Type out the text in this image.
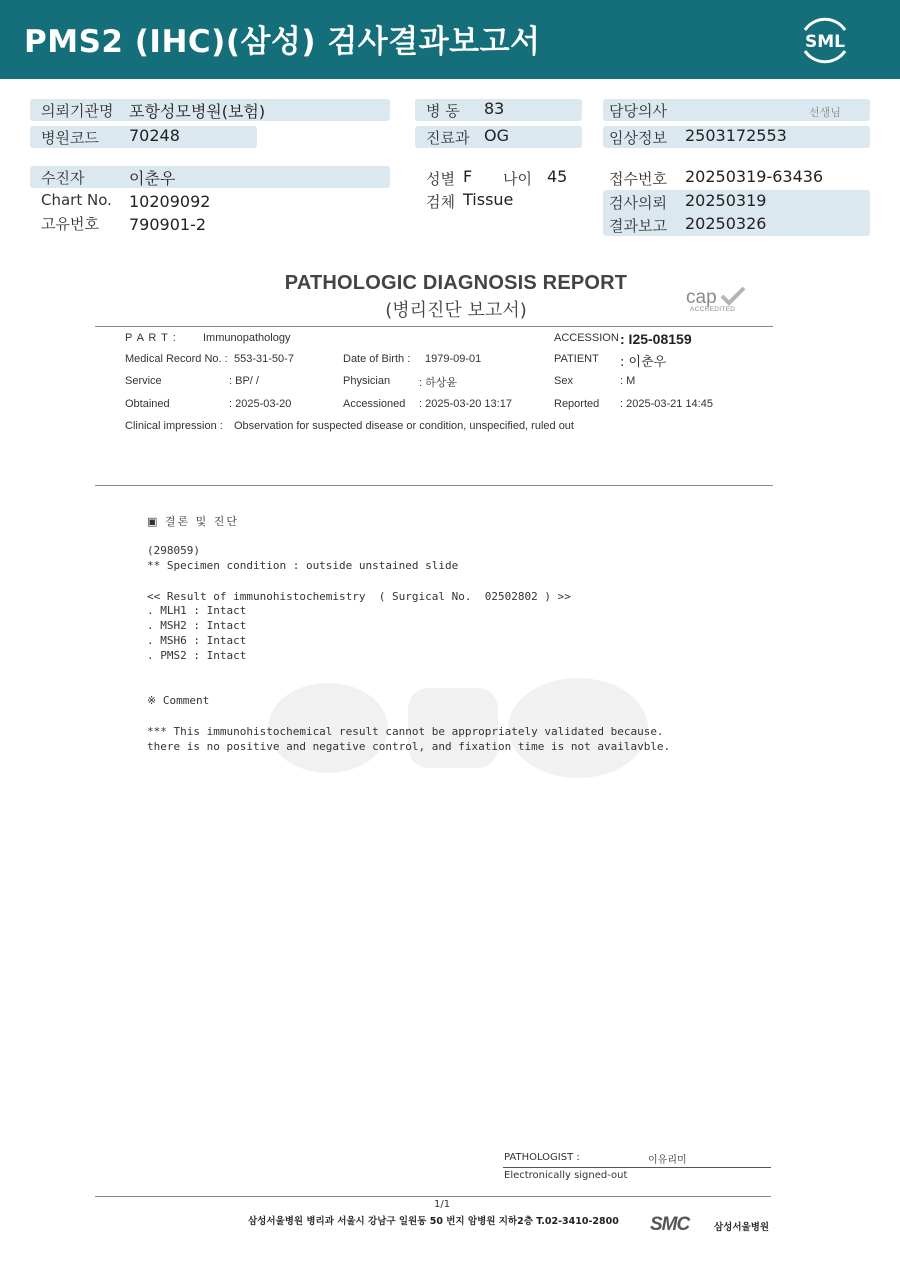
PMS2 (IHC)(삼성) 검사결과보고서	SML
의뢰기관명 포항성모병원(보험)
병원코드 70248
수진자	이춘우
Chart No. 10209092
고유번호 790901-2
병 동 83
진료과 OG
성별 F 나이 45
검체 Tissue
담당의사	선생님
임상정보 2503172553
접수번호 20250319-63436
검사의뢰 20250319
결과보고 20250326
PATHOLOGIC DIAGNOSIS REPORT
(병리진단 보고서)
cap
ACCREDITED
P A R T : Immunopathology	ACCESSION : I25-08159
Medical Record No. : 553-31-50-7	Date of Birth : 1979-09-01	PATIENT : 이춘우
Service	: BP/ /	Physician	: 하상윤	Sex	: M
Obtained	: 2025-03-20	Accessioned : 2025-03-20 13:17	Reported : 2025-03-21 14:45
Clinical impression : Observation for suspected disease or condition, unspecified, ruled out
▣ 결론 및 진단
(298059)
** Specimen condition : outside unstained slide
<< Result of immunohistochemistry  ( Surgical No.  02502802 ) >>
. MLH1 : Intact
. MSH2 : Intact
. MSH6 : Intact
. PMS2 : Intact
※ Comment
*** This immunohistochemical result cannot be appropriately validated because.
there is no positive and negative control, and fixation time is not availavble.
PATHOLOGIST :	이유리미
Electronically signed-out
1/1
삼성서울병원 병리과 서울시 강남구 일원동 50 번지 암병원 지하2층 T.02-3410-2800 SMC	삼성서울병원
